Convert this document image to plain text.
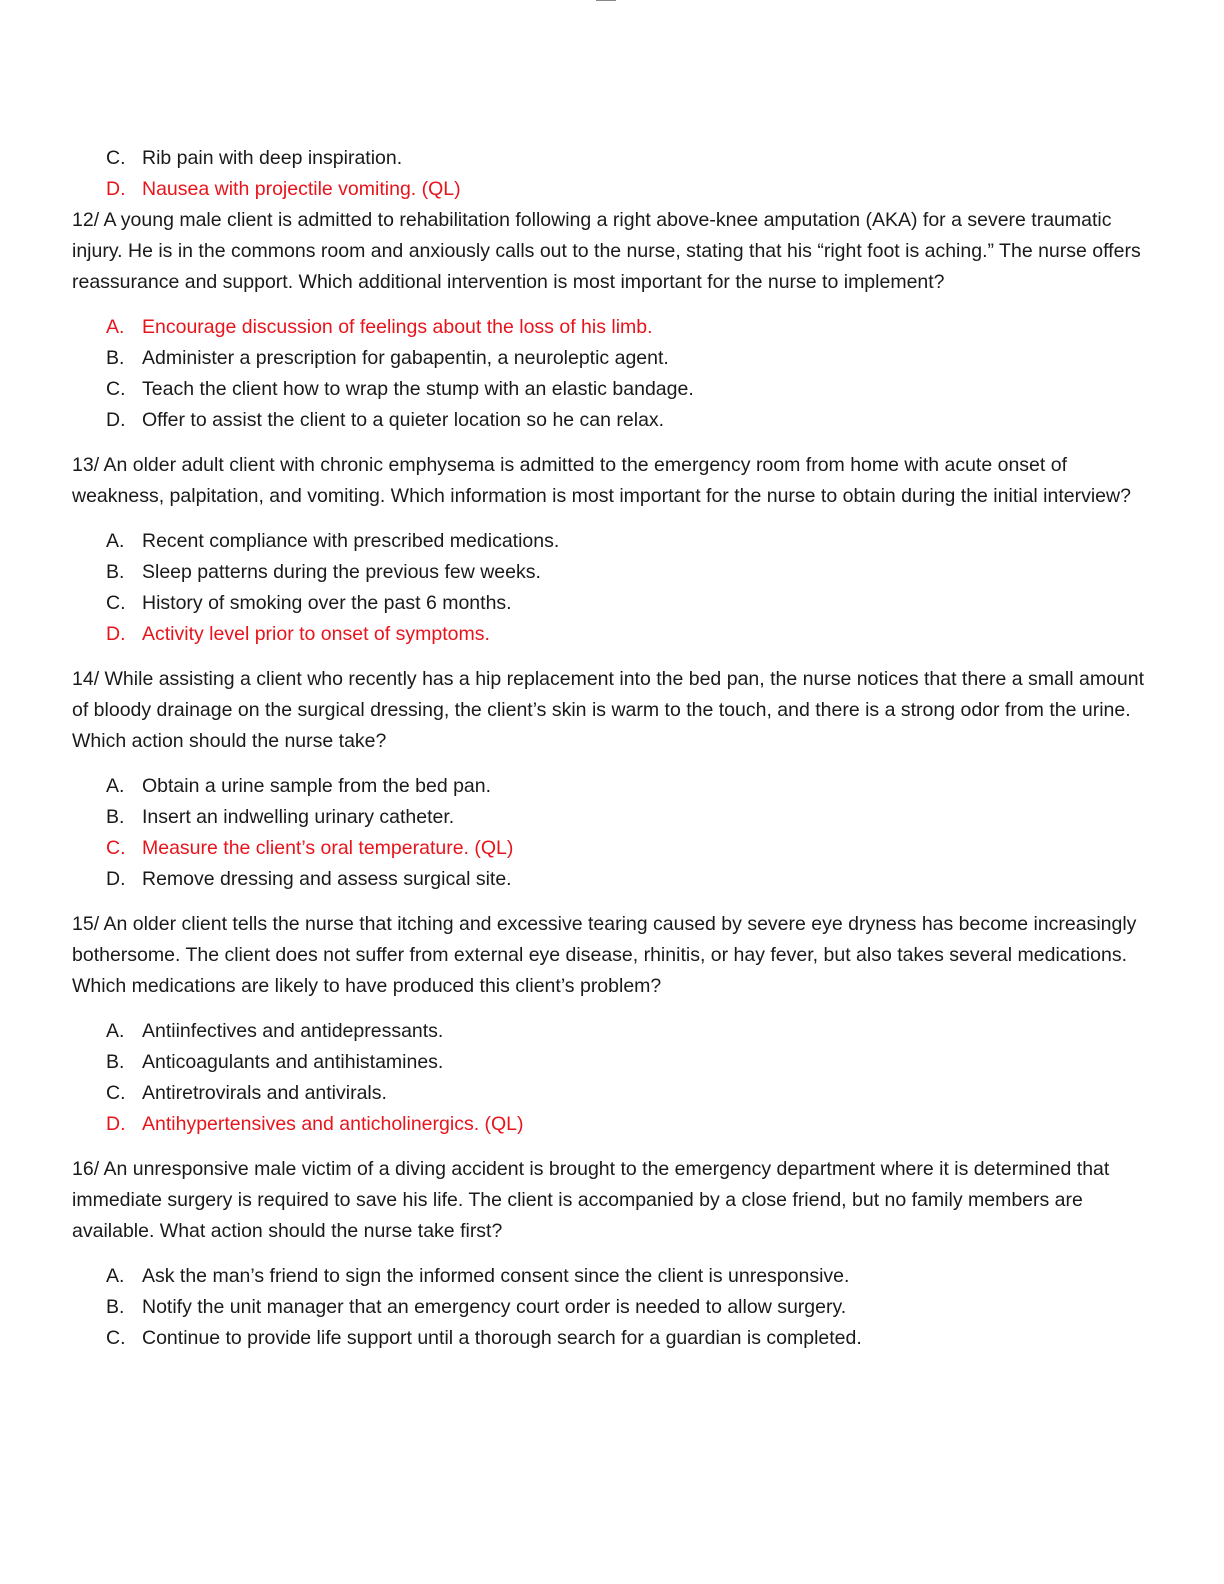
C. Rib pain with deep inspiration.
D. Nausea with projectile vomiting. (QL)

12/ A young male client is admitted to rehabilitation following a right above-knee amputation (AKA) for a severe traumatic injury. He is in the commons room and anxiously calls out to the nurse, stating that his “right foot is aching.” The nurse offers reassurance and support. Which additional intervention is most important for the nurse to implement?

A. Encourage discussion of feelings about the loss of his limb.
B. Administer a prescription for gabapentin, a neuroleptic agent.
C. Teach the client how to wrap the stump with an elastic bandage.
D. Offer to assist the client to a quieter location so he can relax.

13/ An older adult client with chronic emphysema is admitted to the emergency room from home with acute onset of weakness, palpitation, and vomiting. Which information is most important for the nurse to obtain during the initial interview?

A. Recent compliance with prescribed medications.
B. Sleep patterns during the previous few weeks.
C. History of smoking over the past 6 months.
D. Activity level prior to onset of symptoms.

14/ While assisting a client who recently has a hip replacement into the bed pan, the nurse notices that there a small amount of bloody drainage on the surgical dressing, the client’s skin is warm to the touch, and there is a strong odor from the urine. Which action should the nurse take?

A. Obtain a urine sample from the bed pan.
B. Insert an indwelling urinary catheter.
C. Measure the client’s oral temperature. (QL)
D. Remove dressing and assess surgical site.

15/ An older client tells the nurse that itching and excessive tearing caused by severe eye dryness has become increasingly bothersome. The client does not suffer from external eye disease, rhinitis, or hay fever, but also takes several medications. Which medications are likely to have produced this client’s problem?

A. Antiinfectives and antidepressants.
B. Anticoagulants and antihistamines.
C. Antiretrovirals and antivirals.
D. Antihypertensives and anticholinergics. (QL)

16/ An unresponsive male victim of a diving accident is brought to the emergency department where it is determined that immediate surgery is required to save his life. The client is accompanied by a close friend, but no family members are available. What action should the nurse take first?

A. Ask the man’s friend to sign the informed consent since the client is unresponsive.
B. Notify the unit manager that an emergency court order is needed to allow surgery.
C. Continue to provide life support until a thorough search for a guardian is completed.
